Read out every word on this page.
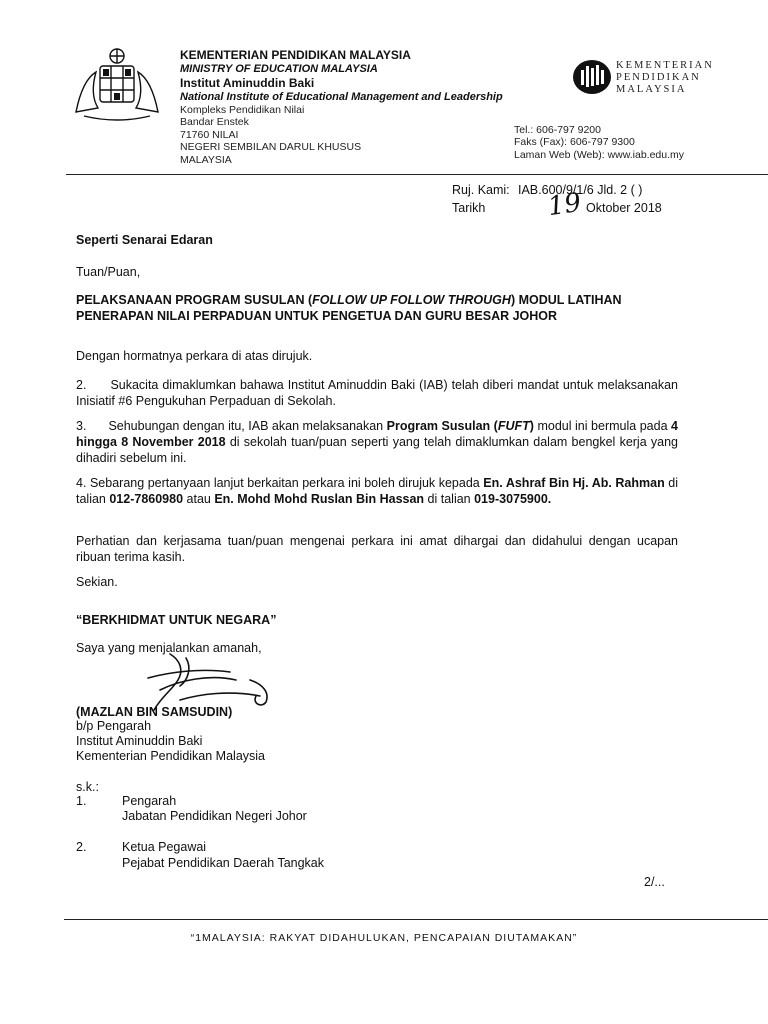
KEMENTERIAN PENDIDIKAN MALAYSIA
MINISTRY OF EDUCATION MALAYSIA
Institut Aminuddin Baki
National Institute of Educational Management and Leadership
Kompleks Pendidikan Nilai
Bandar Enstek
71760 NILAI
NEGERI SEMBILAN DARUL KHUSUS
MALAYSIA
KEMENTERIAN
PENDIDIKAN
MALAYSIA
Tel.: 606-797 9200
Faks (Fax): 606-797 9300
Laman Web (Web): www.iab.edu.my
Ruj. Kami: IAB.600/9/1/6 Jld. 2 ( )
Tarikh 19 Oktober 2018
Seperti Senarai Edaran
Tuan/Puan,
PELAKSANAAN PROGRAM SUSULAN (FOLLOW UP FOLLOW THROUGH) MODUL LATIHAN PENERAPAN NILAI PERPADUAN UNTUK PENGETUA DAN GURU BESAR JOHOR
Dengan hormatnya perkara di atas dirujuk.
2. Sukacita dimaklumkan bahawa Institut Aminuddin Baki (IAB) telah diberi mandat untuk melaksanakan Inisiatif #6 Pengukuhan Perpaduan di Sekolah.
3. Sehubungan dengan itu, IAB akan melaksanakan Program Susulan (FUFT) modul ini bermula pada 4 hingga 8 November 2018 di sekolah tuan/puan seperti yang telah dimaklumkan dalam bengkel kerja yang dihadiri sebelum ini.
4. Sebarang pertanyaan lanjut berkaitan perkara ini boleh dirujuk kepada En. Ashraf Bin Hj. Ab. Rahman di talian 012-7860980 atau En. Mohd Mohd Ruslan Bin Hassan di talian 019-3075900.
Perhatian dan kerjasama tuan/puan mengenai perkara ini amat dihargai dan didahului dengan ucapan ribuan terima kasih.
Sekian.
“BERKHIDMAT UNTUK NEGARA”
Saya yang menjalankan amanah,
(MAZLAN BIN SAMSUDIN)
b/p Pengarah
Institut Aminuddin Baki
Kementerian Pendidikan Malaysia
s.k.:
1.	Pengarah
Jabatan Pendidikan Negeri Johor
2.	Ketua Pegawai
Pejabat Pendidikan Daerah Tangkak
2/...
“1MALAYSIA: RAKYAT DIDAHULUKAN, PENCAPAIAN DIUTAMAKAN”
